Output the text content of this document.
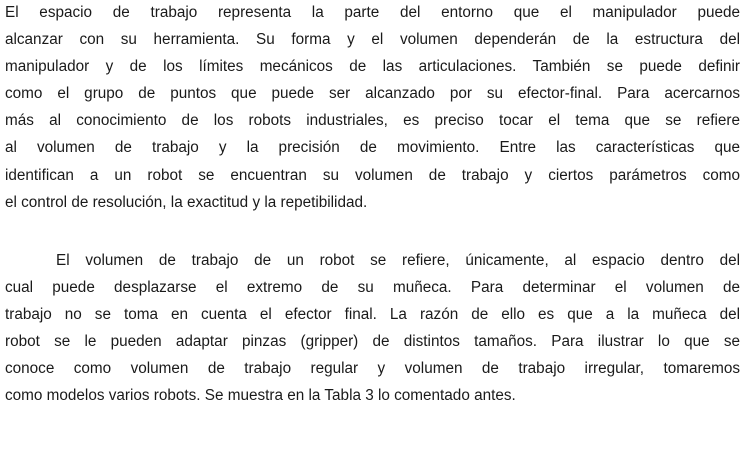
El espacio de trabajo representa la parte del entorno que el manipulador puede
alcanzar con su herramienta. Su forma y el volumen dependerán de la estructura del
manipulador y de los límites mecánicos de las articulaciones. También se puede definir
como el grupo de puntos que puede ser alcanzado por su efector-final. Para acercarnos
más al conocimiento de los robots industriales, es preciso tocar el tema que se refiere
al volumen de trabajo y la precisión de movimiento. Entre las características que
identifican a un robot se encuentran su volumen de trabajo y ciertos parámetros como
el control de resolución, la exactitud y la repetibilidad.
El volumen de trabajo de un robot se refiere, únicamente, al espacio dentro del
cual puede desplazarse el extremo de su muñeca. Para determinar el volumen de
trabajo no se toma en cuenta el efector final. La razón de ello es que a la muñeca del
robot se le pueden adaptar pinzas (gripper) de distintos tamaños. Para ilustrar lo que se
conoce como volumen de trabajo regular y volumen de trabajo irregular, tomaremos
como modelos varios robots. Se muestra en la Tabla 3 lo comentado antes.
